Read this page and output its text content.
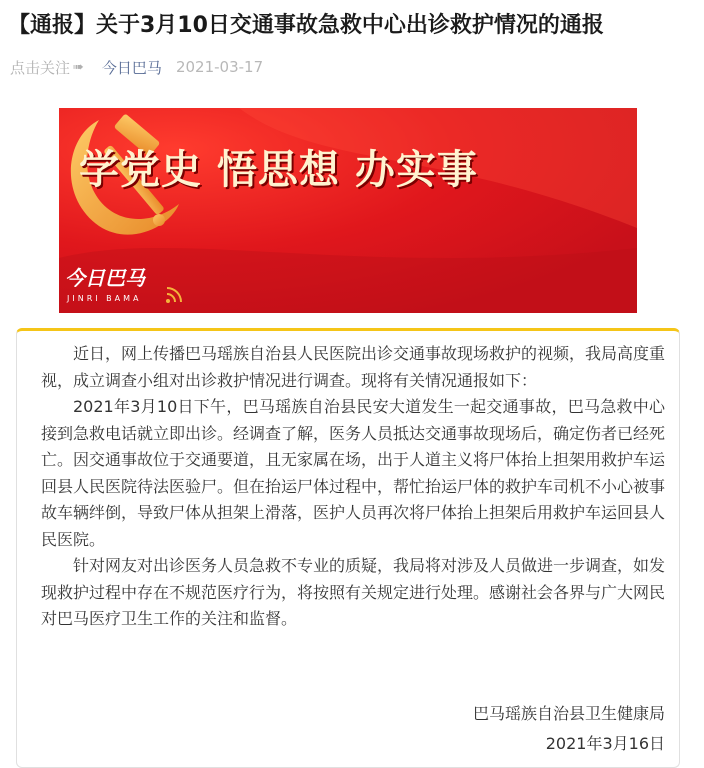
【通报】关于3月10日交通事故急救中心出诊救护情况的通报
点击关注 ➠ 今日巴马 2021-03-17
学党史 悟思想 办实事
今日巴马
JINRI BAMA

近日，网上传播巴马瑶族自治县人民医院出诊交通事故现场救护的视频，我局高度重视，成立调查小组对出诊救护情况进行调查。现将有关情况通报如下：

2021年3月10日下午，巴马瑶族自治县民安大道发生一起交通事故，巴马急救中心接到急救电话就立即出诊。经调查了解，医务人员抵达交通事故现场后，确定伤者已经死亡。因交通事故位于交通要道，且无家属在场，出于人道主义将尸体抬上担架用救护车运回县人民医院待法医验尸。但在抬运尸体过程中，帮忙抬运尸体的救护车司机不小心被事故车辆绊倒，导致尸体从担架上滑落，医护人员再次将尸体抬上担架后用救护车运回县人民医院。

针对网友对出诊医务人员急救不专业的质疑，我局将对涉及人员做进一步调查，如发现救护过程中存在不规范医疗行为，将按照有关规定进行处理。感谢社会各界与广大网民对巴马医疗卫生工作的关注和监督。

巴马瑶族自治县卫生健康局
2021年3月16日
